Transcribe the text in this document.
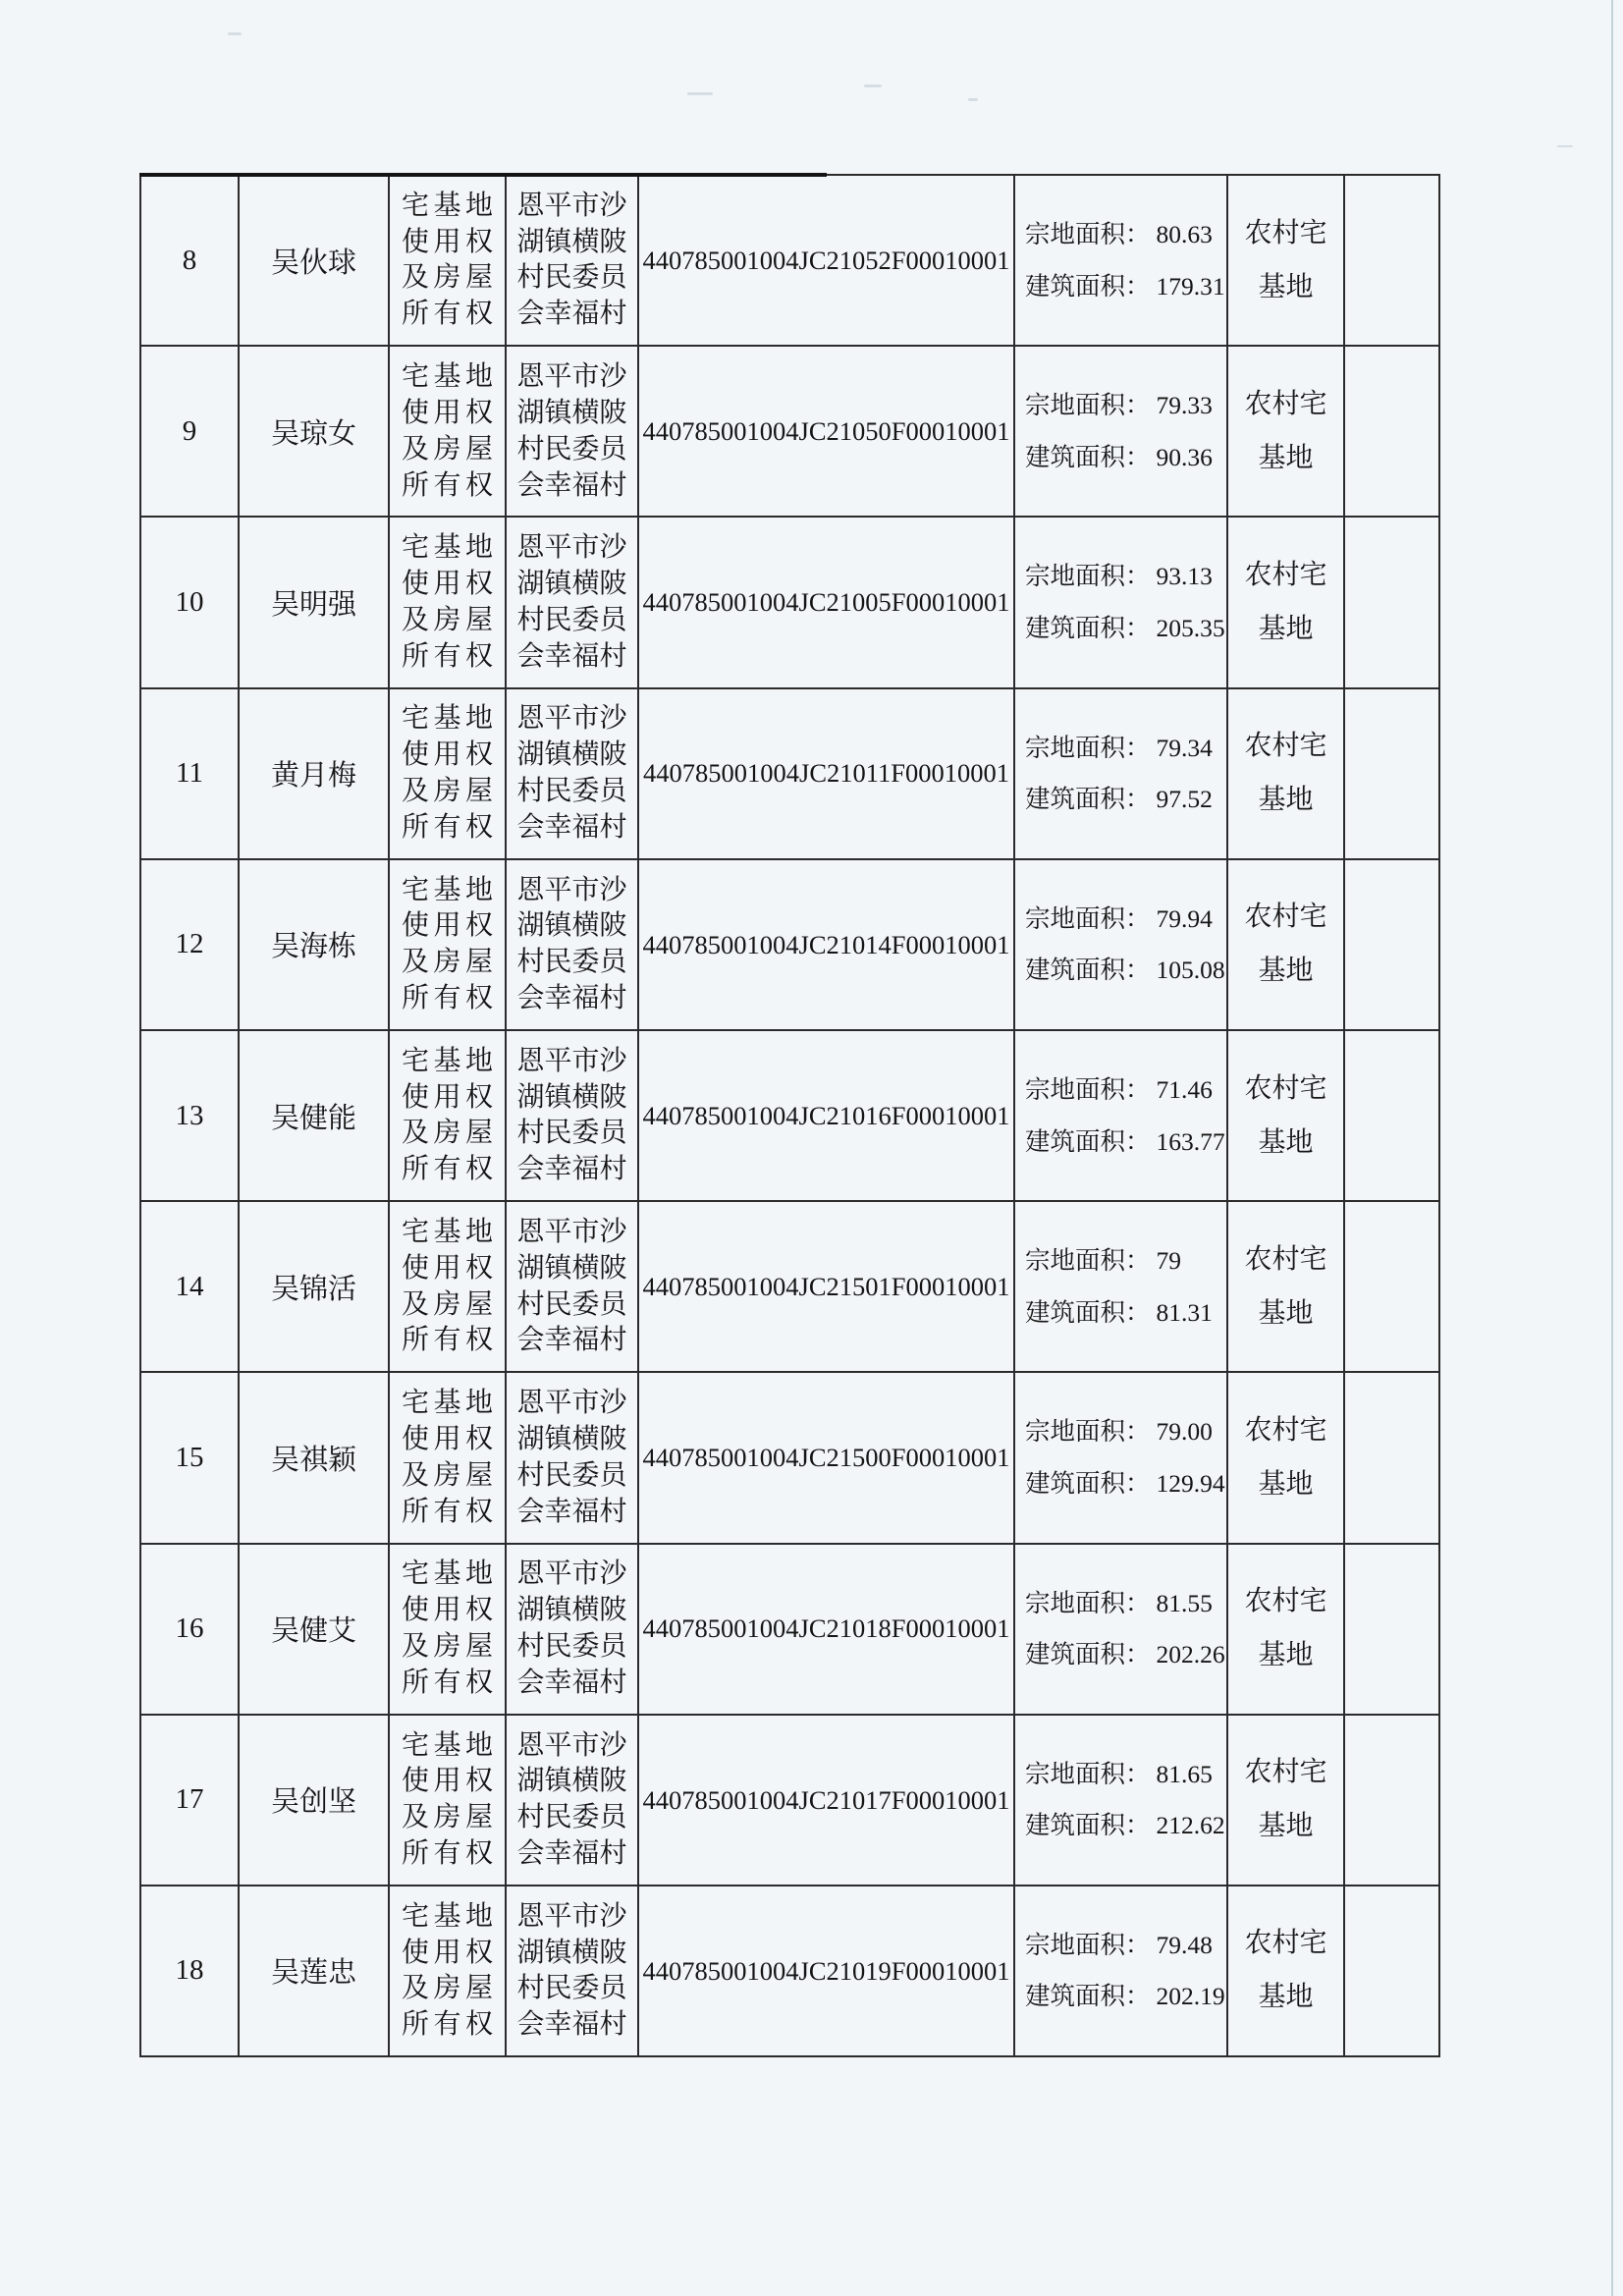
8	吴伙球
宅基地
使用权
及房屋
所有权
恩平市沙
湖镇横陂
村民委员
会幸福村
440785001004JC21052F00010001
宗地面积： 80.63
建筑面积： 179.31
农村宅
基地
9	吴琼女
宅基地
使用权
及房屋
所有权
恩平市沙
湖镇横陂
村民委员
会幸福村
440785001004JC21050F00010001
宗地面积： 79.33
建筑面积： 90.36
农村宅
基地
10 吴明强
宅基地
使用权
及房屋
所有权
恩平市沙
湖镇横陂
村民委员
会幸福村
440785001004JC21005F00010001
宗地面积： 93.13
建筑面积： 205.35
农村宅
基地
11 黄月梅
宅基地
使用权
及房屋
所有权
恩平市沙
湖镇横陂
村民委员
会幸福村
440785001004JC21011F00010001
宗地面积： 79.34
建筑面积： 97.52
农村宅
基地
12 吴海栋
宅基地
使用权
及房屋
所有权
恩平市沙
湖镇横陂
村民委员
会幸福村
440785001004JC21014F00010001
宗地面积： 79.94
建筑面积： 105.08
农村宅
基地
13 吴健能
宅基地
使用权
及房屋
所有权
恩平市沙
湖镇横陂
村民委员
会幸福村
440785001004JC21016F00010001
宗地面积： 71.46
建筑面积： 163.77
农村宅
基地
14 吴锦活
宅基地
使用权
及房屋
所有权
恩平市沙
湖镇横陂
村民委员
会幸福村
440785001004JC21501F00010001
宗地面积： 79
建筑面积： 81.31
农村宅
基地
15 吴祺颖
宅基地
使用权
及房屋
所有权
恩平市沙
湖镇横陂
村民委员
会幸福村
440785001004JC21500F00010001
宗地面积： 79.00
建筑面积： 129.94
农村宅
基地
16 吴健艾
宅基地
使用权
及房屋
所有权
恩平市沙
湖镇横陂
村民委员
会幸福村
440785001004JC21018F00010001
宗地面积： 81.55
建筑面积： 202.26
农村宅
基地
17 吴创坚
宅基地
使用权
及房屋
所有权
恩平市沙
湖镇横陂
村民委员
会幸福村
440785001004JC21017F00010001
宗地面积： 81.65
建筑面积： 212.62
农村宅
基地
18 吴莲忠
宅基地
使用权
及房屋
所有权
恩平市沙
湖镇横陂
村民委员
会幸福村
440785001004JC21019F00010001
宗地面积： 79.48
建筑面积： 202.19
农村宅
基地
